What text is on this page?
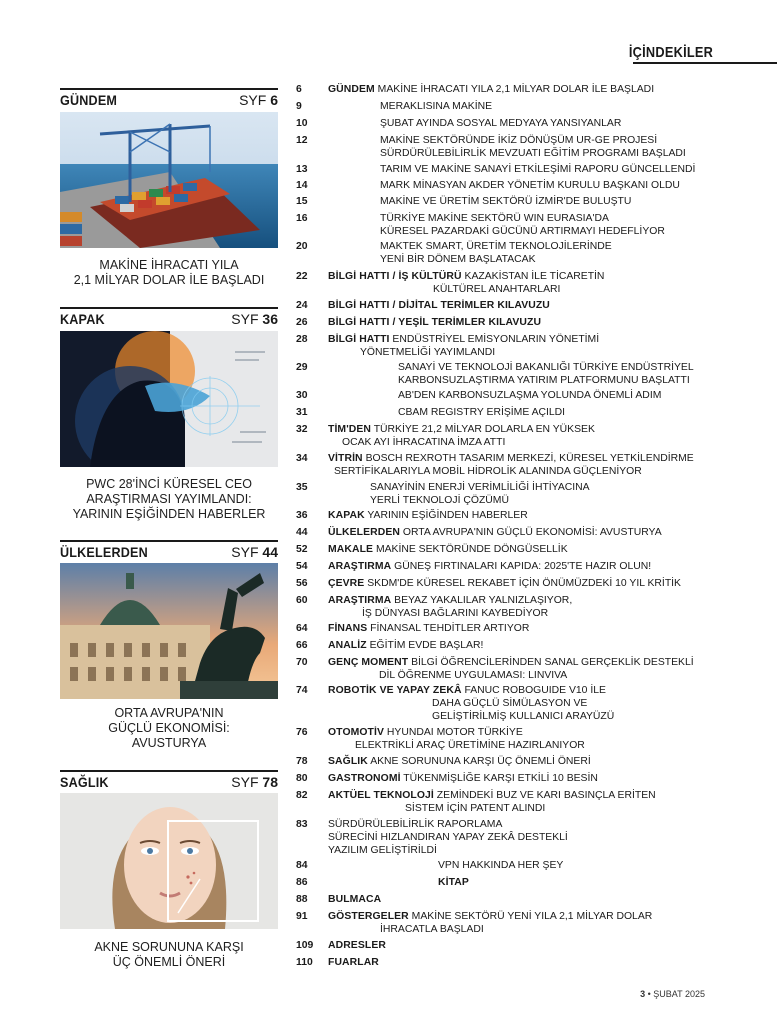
İÇİNDEKİLER
GÜNDEM	SYF 6
MAKİNE İHRACATI YILA
2,1 MİLYAR DOLAR İLE BAŞLADI
KAPAK	SYF 36
PWC 28'İNCİ KÜRESEL CEO
ARAŞTIRMASI YAYIMLANDI:
YARININ EŞİĞİNDEN HABERLER
ÜLKELERDEN	SYF 44
ORTA AVRUPA'NIN
GÜÇLÜ EKONOMİSİ:
AVUSTURYA
SAĞLIK	SYF 78
AKNE SORUNUNA KARŞI
ÜÇ ÖNEMLİ ÖNERİ
6	GÜNDEM MAKİNE İHRACATI YILA 2,1 MİLYAR DOLAR İLE BAŞLADI
9	MERAKLISINA MAKİNE
10	ŞUBAT AYINDA SOSYAL MEDYAYA YANSIYANLAR
12	MAKİNE SEKTÖRÜNDE İKİZ DÖNÜŞÜM UR-GE PROJESİ
SÜRDÜRÜLEBİLİRLİK MEVZUATI EĞİTİM PROGRAMI BAŞLADI
13	TARIM VE MAKİNE SANAYİ ETKİLEŞİMİ RAPORU GÜNCELLENDİ
14	MARK MİNASYAN AKDER YÖNETİM KURULU BAŞKANI OLDU
15	MAKİNE VE ÜRETİM SEKTÖRÜ İZMİR'DE BULUŞTU
16	TÜRKİYE MAKİNE SEKTÖRÜ WIN EURASIA'DA
KÜRESEL PAZARDAKİ GÜCÜNÜ ARTIRMAYI HEDEFLİYOR
20	MAKTEK SMART, ÜRETİM TEKNOLOJİLERİNDE
YENİ BİR DÖNEM BAŞLATACAK
22	BİLGİ HATTI / İŞ KÜLTÜRÜ KAZAKİSTAN İLE TİCARETİN
KÜLTÜREL ANAHTARLARI
24	BİLGİ HATTI / DİJİTAL TERİMLER KILAVUZU
26	BİLGİ HATTI / YEŞİL TERİMLER KILAVUZU
28	BİLGİ HATTI ENDÜSTRİYEL EMİSYONLARIN YÖNETİMİ
YÖNETMELİĞİ YAYIMLANDI
29	SANAYİ VE TEKNOLOJİ BAKANLIĞI TÜRKİYE ENDÜSTRİYEL
KARBONSUZLAŞTIRMA YATIRIM PLATFORMUNU BAŞLATTI
30	AB'DEN KARBONSUZLAŞMA YOLUNDA ÖNEMLİ ADIM
31	CBAM REGISTRY ERİŞİME AÇILDI
32	TİM'DEN TÜRKİYE 21,2 MİLYAR DOLARLA EN YÜKSEK
OCAK AYI İHRACATINA İMZA ATTI
34	VİTRİN BOSCH REXROTH TASARIM MERKEZİ, KÜRESEL YETKİLENDİRME
SERTİFİKALARIYLA MOBİL HİDROLİK ALANINDA GÜÇLENİYOR
35	SANAYİNİN ENERJİ VERİMLİLİĞİ İHTİYACINA
YERLİ TEKNOLOJİ ÇÖZÜMÜ
36	KAPAK YARININ EŞİĞİNDEN HABERLER
44	ÜLKELERDEN ORTA AVRUPA'NIN GÜÇLÜ EKONOMİSİ: AVUSTURYA
52	MAKALE MAKİNE SEKTÖRÜNDE DÖNGÜSELLİK
54	ARAŞTIRMA GÜNEŞ FIRTINALARI KAPIDA: 2025'TE HAZIR OLUN!
56	ÇEVRE SKDM'DE KÜRESEL REKABET İÇİN ÖNÜMÜZDEKİ 10 YIL KRİTİK
60	ARAŞTIRMA BEYAZ YAKALILAR YALNIZLAŞIYOR,
İŞ DÜNYASI BAĞLARINI KAYBEDİYOR
64	FİNANS FİNANSAL TEHDİTLER ARTIYOR
66	ANALİZ EĞİTİM EVDE BAŞLAR!
70	GENÇ MOMENT BİLGİ ÖĞRENCİLERİNDEN SANAL GERÇEKLİK DESTEKLİ
DİL ÖĞRENME UYGULAMASI: LINVIVA
74	ROBOTİK VE YAPAY ZEKÂ FANUC ROBOGUIDE V10 İLE
DAHA GÜÇLÜ SİMÜLASYON VE
GELİŞTİRİLMİŞ KULLANICI ARAYÜZÜ
76	OTOMOTİV HYUNDAI MOTOR TÜRKİYE
ELEKTRİKLİ ARAÇ ÜRETİMİNE HAZIRLANIYOR
78	SAĞLIK AKNE SORUNUNA KARŞI ÜÇ ÖNEMLİ ÖNERİ
80	GASTRONOMİ TÜKENMİŞLİĞE KARŞI ETKİLİ 10 BESİN
82	AKTÜEL TEKNOLOJİ ZEMİNDEKİ BUZ VE KARI BASINÇLA ERİTEN
SİSTEM İÇİN PATENT ALINDI
83	SÜRDÜRÜLEBİLİRLİK RAPORLAMA
SÜRECİNİ HIZLANDIRAN YAPAY ZEKÂ DESTEKLİ
YAZILIM GELİŞTİRİLDİ
84	VPN HAKKINDA HER ŞEY
86	KİTAP
88	BULMACA
91	GÖSTERGELER MAKİNE SEKTÖRÜ YENİ YILA 2,1 MİLYAR DOLAR
İHRACATLA BAŞLADI
109	ADRESLER
110	FUARLAR
3 • ŞUBAT 2025
